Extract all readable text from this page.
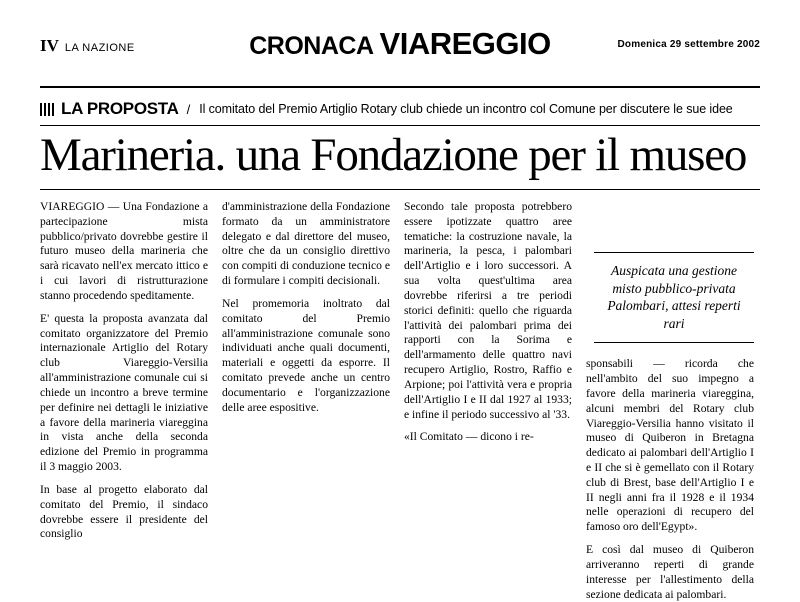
IV LA NAZIONE	CRONACA VIAREGGIO	Domenica 29 settembre 2002
LA PROPOSTA / Il comitato del Premio Artiglio Rotary club chiede un incontro col Comune per discutere le sue idee
Marineria. una Fondazione per il museo

VIAREGGIO — Una Fondazione a partecipazione mista pubblico/privato dovrebbe gestire il futuro museo della marineria che sarà ricavato nell'ex mercato ittico e i cui lavori di ristrutturazione stanno procedendo speditamente.

E' questa la proposta avanzata dal comitato organizzatore del Premio internazionale Artiglio del Rotary club Viareggio-Versilia all'amministrazione comunale cui si chiede un incontro a breve termine per definire nei dettagli le iniziative a favore della marineria viareggina in vista anche della seconda edizione del Premio in programma il 3 maggio 2003.

In base al progetto elaborato dal comitato del Premio, il sindaco dovrebbe essere il presidente del consiglio

d'amministrazione della Fondazione formato da un amministratore delegato e dal direttore del museo, oltre che da un consiglio direttivo con compiti di conduzione tecnico e di formulare i compiti decisionali.

Nel promemoria inoltrato dal comitato del Premio all'amministrazione comunale sono individuati anche quali documenti, materiali e oggetti da esporre. Il comitato prevede anche un centro documentario e l'organizzazione delle aree espositive.

Secondo tale proposta potrebbero essere ipotizzate quattro aree tematiche: la costruzione navale, la marineria, la pesca, i palombari dell'Artiglio e i loro successori. A sua volta quest'ultima area dovrebbe riferirsi a tre periodi storici definiti: quello che riguarda l'attività dei palombari prima dei rapporti con la Sorima e dell'armamento delle quattro navi recupero Artiglio, Rostro, Raffio e Arpione; poi l'attività vera e propria dell'Artiglio I e II dal 1927 al 1933; e infine il periodo successivo al '33.

«Il Comitato — dicono i re-

Auspicata una gestione misto pubblico-privata Palombari, attesi reperti rari

sponsabili — ricorda che nell'ambito del suo impegno a favore della marineria viareggina, alcuni membri del Rotary club Viareggio-Versilia hanno visitato il museo di Quiberon in Bretagna dedicato ai palombari dell'Artiglio I e II che si è gemellato con il Rotary club di Brest, base dell'Artiglio I e II negli anni fra il 1928 e il 1934 nelle operazioni di recupero del famoso oro dell'Egypt».

E così dal museo di Quiberon arriveranno reperti di grande interesse per l'allestimento della sezione dedicata ai palombari.
